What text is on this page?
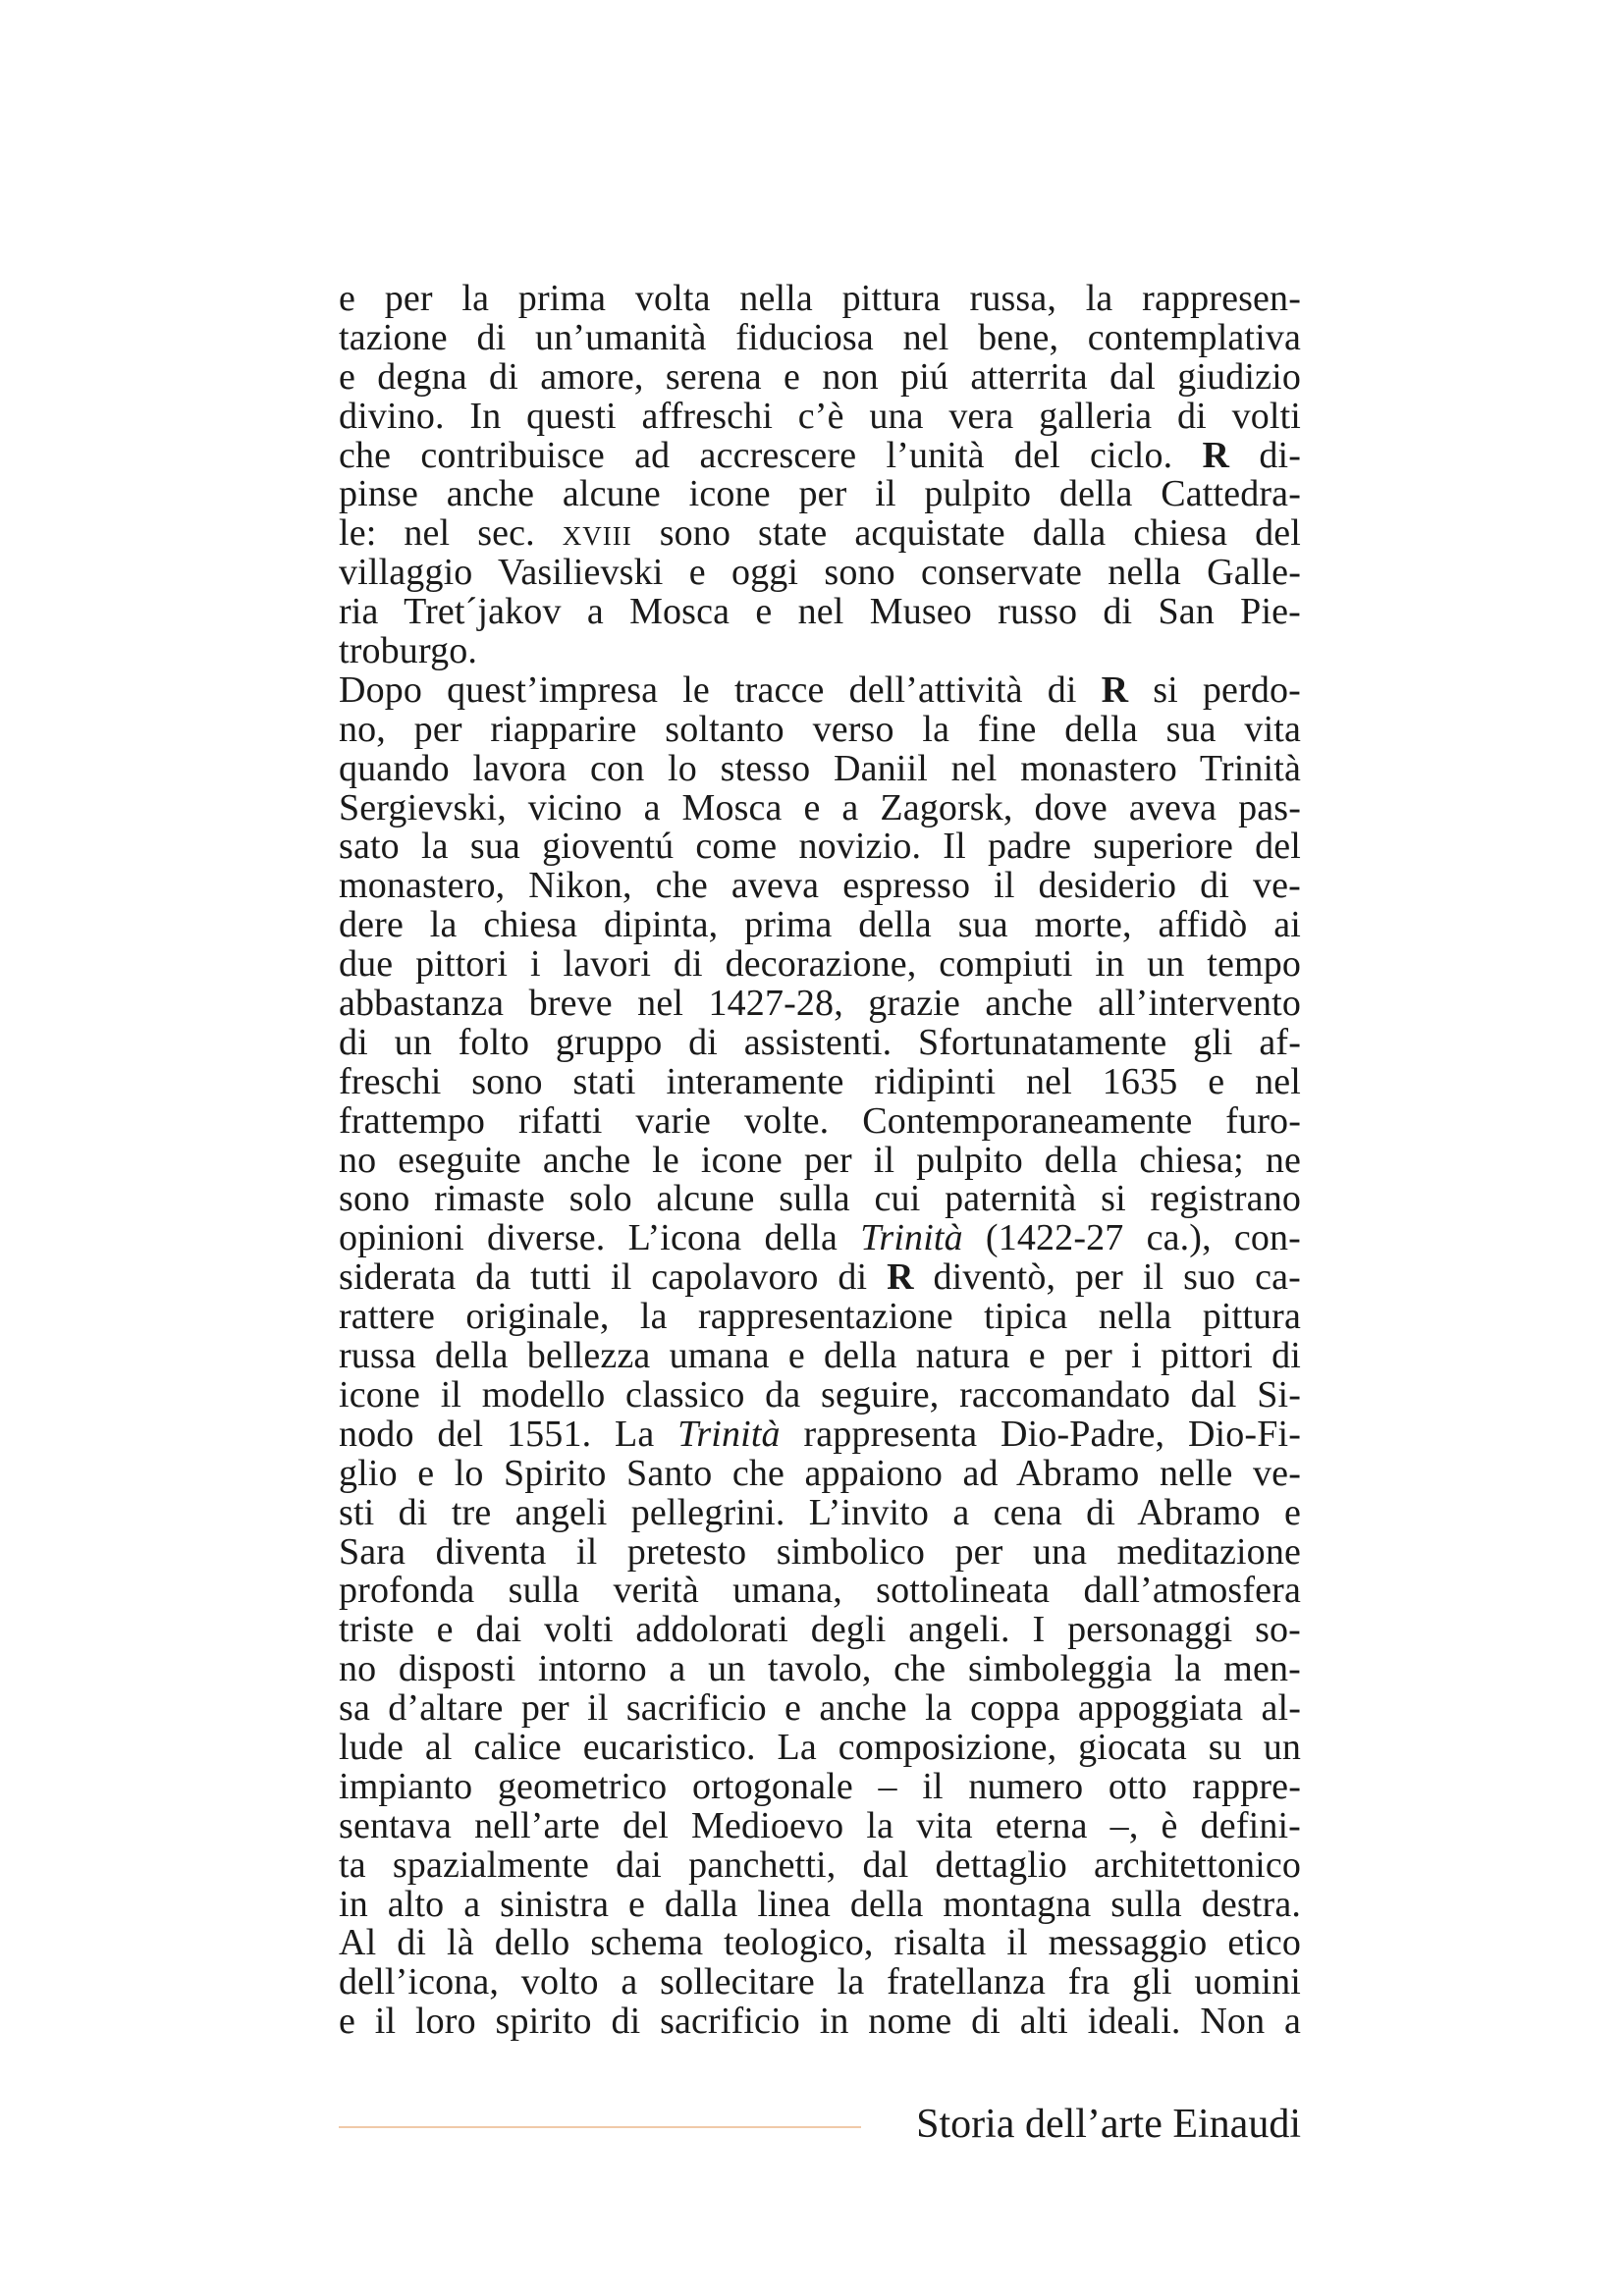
e per la prima volta nella pittura russa, la rappresen-
tazione di un’umanità fiduciosa nel bene, contemplativa
e degna di amore, serena e non piú atterrita dal giudizio
divino. In questi affreschi c’è una vera galleria di volti
che contribuisce ad accrescere l’unità del ciclo. R di-
pinse anche alcune icone per il pulpito della Cattedra-
le: nel sec. xviii sono state acquistate dalla chiesa del
villaggio Vasilievski e oggi sono conservate nella Galle-
ria Tret´jakov a Mosca e nel Museo russo di San Pie-
troburgo.
Dopo quest’impresa le tracce dell’attività di R si perdo-
no, per riapparire soltanto verso la fine della sua vita
quando lavora con lo stesso Daniil nel monastero Trinità
Sergievski, vicino a Mosca e a Zagorsk, dove aveva pas-
sato la sua gioventú come novizio. Il padre superiore del
monastero, Nikon, che aveva espresso il desiderio di ve-
dere la chiesa dipinta, prima della sua morte, affidò ai
due pittori i lavori di decorazione, compiuti in un tempo
abbastanza breve nel 1427-28, grazie anche all’intervento
di un folto gruppo di assistenti. Sfortunatamente gli af-
freschi sono stati interamente ridipinti nel 1635 e nel
frattempo rifatti varie volte. Contemporaneamente furo-
no eseguite anche le icone per il pulpito della chiesa; ne
sono rimaste solo alcune sulla cui paternità si registrano
opinioni diverse. L’icona della Trinità (1422-27 ca.), con-
siderata da tutti il capolavoro di R diventò, per il suo ca-
rattere originale, la rappresentazione tipica nella pittura
russa della bellezza umana e della natura e per i pittori di
icone il modello classico da seguire, raccomandato dal Si-
nodo del 1551. La Trinità rappresenta Dio-Padre, Dio-Fi-
glio e lo Spirito Santo che appaiono ad Abramo nelle ve-
sti di tre angeli pellegrini. L’invito a cena di Abramo e
Sara diventa il pretesto simbolico per una meditazione
profonda sulla verità umana, sottolineata dall’atmosfera
triste e dai volti addolorati degli angeli. I personaggi so-
no disposti intorno a un tavolo, che simboleggia la men-
sa d’altare per il sacrificio e anche la coppa appoggiata al-
lude al calice eucaristico. La composizione, giocata su un
impianto geometrico ortogonale – il numero otto rappre-
sentava nell’arte del Medioevo la vita eterna –, è defini-
ta spazialmente dai panchetti, dal dettaglio architettonico
in alto a sinistra e dalla linea della montagna sulla destra.
Al di là dello schema teologico, risalta il messaggio etico
dell’icona, volto a sollecitare la fratellanza fra gli uomini
e il loro spirito di sacrificio in nome di alti ideali. Non a
Storia dell’arte Einaudi
